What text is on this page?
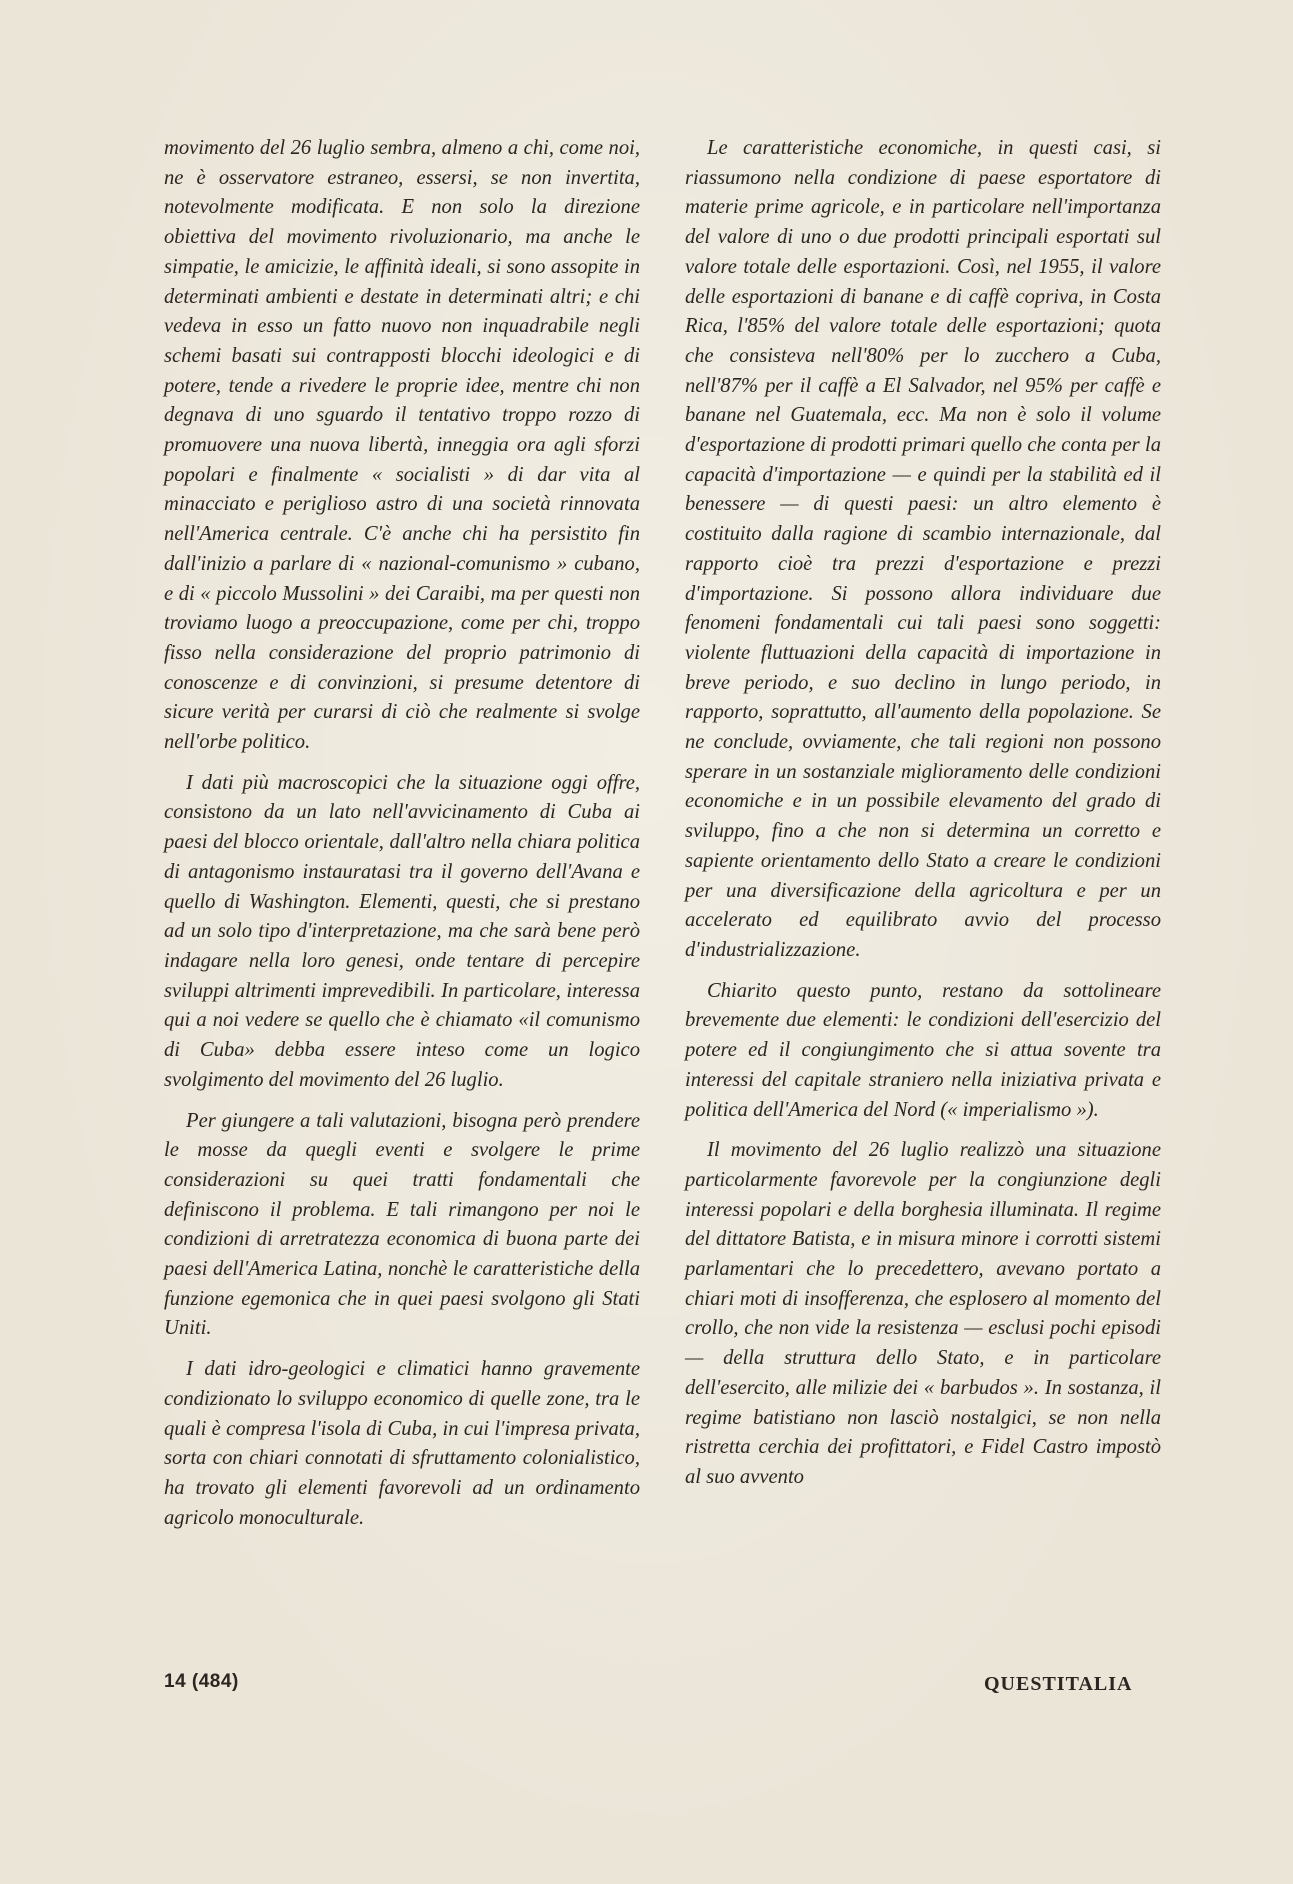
movimento del 26 luglio sembra, almeno a chi, come noi, ne è osservatore estraneo, essersi, se non invertita, notevolmente modificata. E non solo la direzione obiettiva del movimento rivoluzionario, ma anche le simpatie, le amicizie, le affinità ideali, si sono assopite in determinati ambienti e destate in determinati altri; e chi vedeva in esso un fatto nuovo non inquadrabile negli schemi basati sui contrapposti blocchi ideologici e di potere, tende a rivedere le proprie idee, mentre chi non degnava di uno sguardo il tentativo troppo rozzo di promuovere una nuova libertà, inneggia ora agli sforzi popolari e finalmente « socialisti » di dar vita al minacciato e periglioso astro di una società rinnovata nell'America centrale. C'è anche chi ha persistito fin dall'inizio a parlare di « nazional-comunismo » cubano, e di « piccolo Mussolini » dei Caraibi, ma per questi non troviamo luogo a preoccupazione, come per chi, troppo fisso nella considerazione del proprio patrimonio di conoscenze e di convinzioni, si presume detentore di sicure verità per curarsi di ciò che realmente si svolge nell'orbe politico.

I dati più macroscopici che la situazione oggi offre, consistono da un lato nell'avvicinamento di Cuba ai paesi del blocco orientale, dall'altro nella chiara politica di antagonismo instauratasi tra il governo dell'Avana e quello di Washington. Elementi, questi, che si prestano ad un solo tipo d'interpretazione, ma che sarà bene però indagare nella loro genesi, onde tentare di percepire sviluppi altrimenti imprevedibili. In particolare, interessa qui a noi vedere se quello che è chiamato «il comunismo di Cuba» debba essere inteso come un logico svolgimento del movimento del 26 luglio.

Per giungere a tali valutazioni, bisogna però prendere le mosse da quegli eventi e svolgere le prime considerazioni su quei tratti fondamentali che definiscono il problema. E tali rimangono per noi le condizioni di arretratezza economica di buona parte dei paesi dell'America Latina, nonchè le caratteristiche della funzione egemonica che in quei paesi svolgono gli Stati Uniti.

I dati idro-geologici e climatici hanno gravemente condizionato lo sviluppo economico di quelle zone, tra le quali è compresa l'isola di Cuba, in cui l'impresa privata, sorta con chiari connotati di sfruttamento colonialistico, ha trovato gli elementi favorevoli ad un ordinamento agricolo monoculturale.

Le caratteristiche economiche, in questi casi, si riassumono nella condizione di paese esportatore di materie prime agricole, e in particolare nell'importanza del valore di uno o due prodotti principali esportati sul valore totale delle esportazioni. Così, nel 1955, il valore delle esportazioni di banane e di caffè copriva, in Costa Rica, l'85% del valore totale delle esportazioni; quota che consisteva nell'80% per lo zucchero a Cuba, nell'87% per il caffè a El Salvador, nel 95% per caffè e banane nel Guatemala, ecc. Ma non è solo il volume d'esportazione di prodotti primari quello che conta per la capacità d'importazione — e quindi per la stabilità ed il benessere — di questi paesi: un altro elemento è costituito dalla ragione di scambio internazionale, dal rapporto cioè tra prezzi d'esportazione e prezzi d'importazione. Si possono allora individuare due fenomeni fondamentali cui tali paesi sono soggetti: violente fluttuazioni della capacità di importazione in breve periodo, e suo declino in lungo periodo, in rapporto, soprattutto, all'aumento della popolazione. Se ne conclude, ovviamente, che tali regioni non possono sperare in un sostanziale miglioramento delle condizioni economiche e in un possibile elevamento del grado di sviluppo, fino a che non si determina un corretto e sapiente orientamento dello Stato a creare le condizioni per una diversificazione della agricoltura e per un accelerato ed equilibrato avvio del processo d'industrializzazione.

Chiarito questo punto, restano da sottolineare brevemente due elementi: le condizioni dell'esercizio del potere ed il congiungimento che si attua sovente tra interessi del capitale straniero nella iniziativa privata e politica dell'America del Nord (« imperialismo »).

Il movimento del 26 luglio realizzò una situazione particolarmente favorevole per la congiunzione degli interessi popolari e della borghesia illuminata. Il regime del dittatore Batista, e in misura minore i corrotti sistemi parlamentari che lo precedettero, avevano portato a chiari moti di insofferenza, che esplosero al momento del crollo, che non vide la resistenza — esclusi pochi episodi — della struttura dello Stato, e in particolare dell'esercito, alle milizie dei « barbudos ». In sostanza, il regime batistiano non lasciò nostalgici, se non nella ristretta cerchia dei profittatori, e Fidel Castro impostò al suo avvento

14 (484)	QUESTITALIA
